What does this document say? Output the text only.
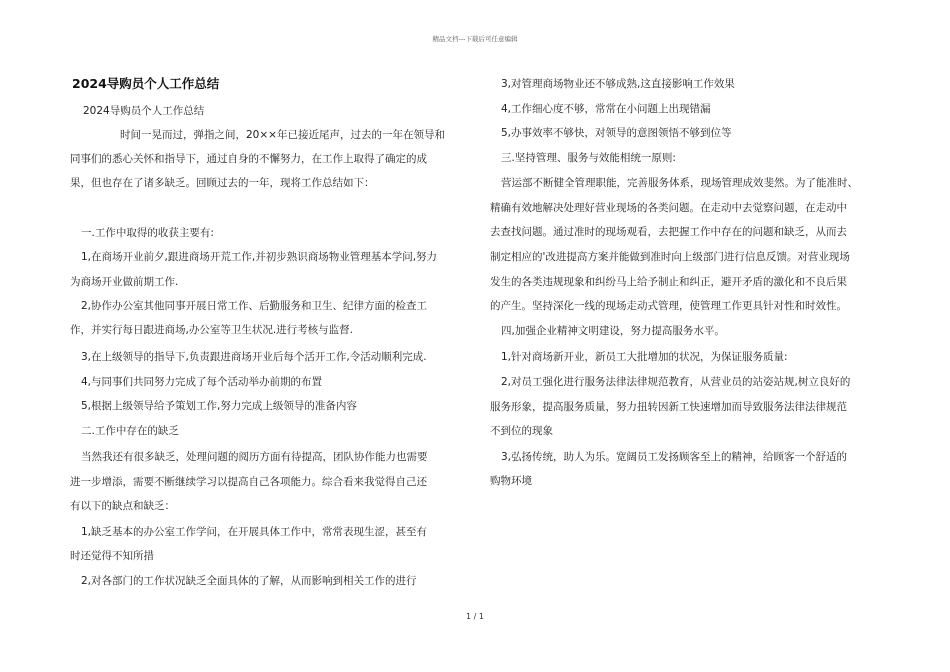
精品文档---下载后可任意编辑
2024导购员个人工作总结
2024导购员个人工作总结
时间一晃而过，弹指之间，20××年已接近尾声，过去的一年在领导和
同事们的悉心关怀和指导下，通过自身的不懈努力，在工作上取得了确定的成
果，但也存在了诸多缺乏。回顾过去的一年，现将工作总结如下：
一.工作中取得的收获主要有:
1,在商场开业前夕,跟进商场开荒工作,并初步熟识商场物业管理基本学问,努力
为商场开业做前期工作.
2,协作办公室其他同事开展日常工作、后勤服务和卫生、纪律方面的检查工
作，并实行每日跟进商场,办公室等卫生状况.进行考核与监督.
3,在上级领导的指导下,负责跟进商场开业后每个活开工作,令活动顺利完成.
4,与同事们共同努力完成了每个活动举办前期的布置
5,根据上级领导给予策划工作,努力完成上级领导的准备内容
二.工作中存在的缺乏
当然我还有很多缺乏，处理问题的阅历方面有待提高，团队协作能力也需要
进一步增添，需要不断继续学习以提高自己各项能力。综合看来我觉得自己还
有以下的缺点和缺乏：
1,缺乏基本的办公室工作学问，在开展具体工作中，常常表现生涩，甚至有
时还觉得不知所措
2,对各部门的工作状况缺乏全面具体的了解，从而影响到相关工作的进行
3,对管理商场物业还不够成熟,这直接影响工作效果
4,工作细心度不够，常常在小问题上出现错漏
5,办事效率不够快，对领导的意图领悟不够到位等
三.坚持管理、服务与效能相统一原则:
营运部不断健全管理职能，完善服务体系，现场管理成效斐然。为了能准时、
精确有效地解决处理好营业现场的各类问题。在走动中去觉察问题，在走动中
去查找问题。通过准时的现场观看，去把握工作中存在的问题和缺乏，从而去
制定相应的'改进提高方案并能做到准时向上级部门进行信息反馈。对营业现场
发生的各类违规现象和纠纷马上给予制止和纠正，避开矛盾的激化和不良后果
的产生。坚持深化一线的现场走动式管理，使管理工作更具针对性和时效性。
四,加强企业精神文明建设，努力提高服务水平。
1,针对商场新开业，新员工大批增加的状况，为保证服务质量:
2,对员工强化进行服务法律法律规范教育，从营业员的站姿站规,树立良好的
服务形象，提高服务质量，努力扭转因新工快速增加而导致服务法律法律规范
不到位的现象
3,弘扬传统，助人为乐。宽阔员工发扬顾客至上的精神，给顾客一个舒适的
购物环境
1 / 1
